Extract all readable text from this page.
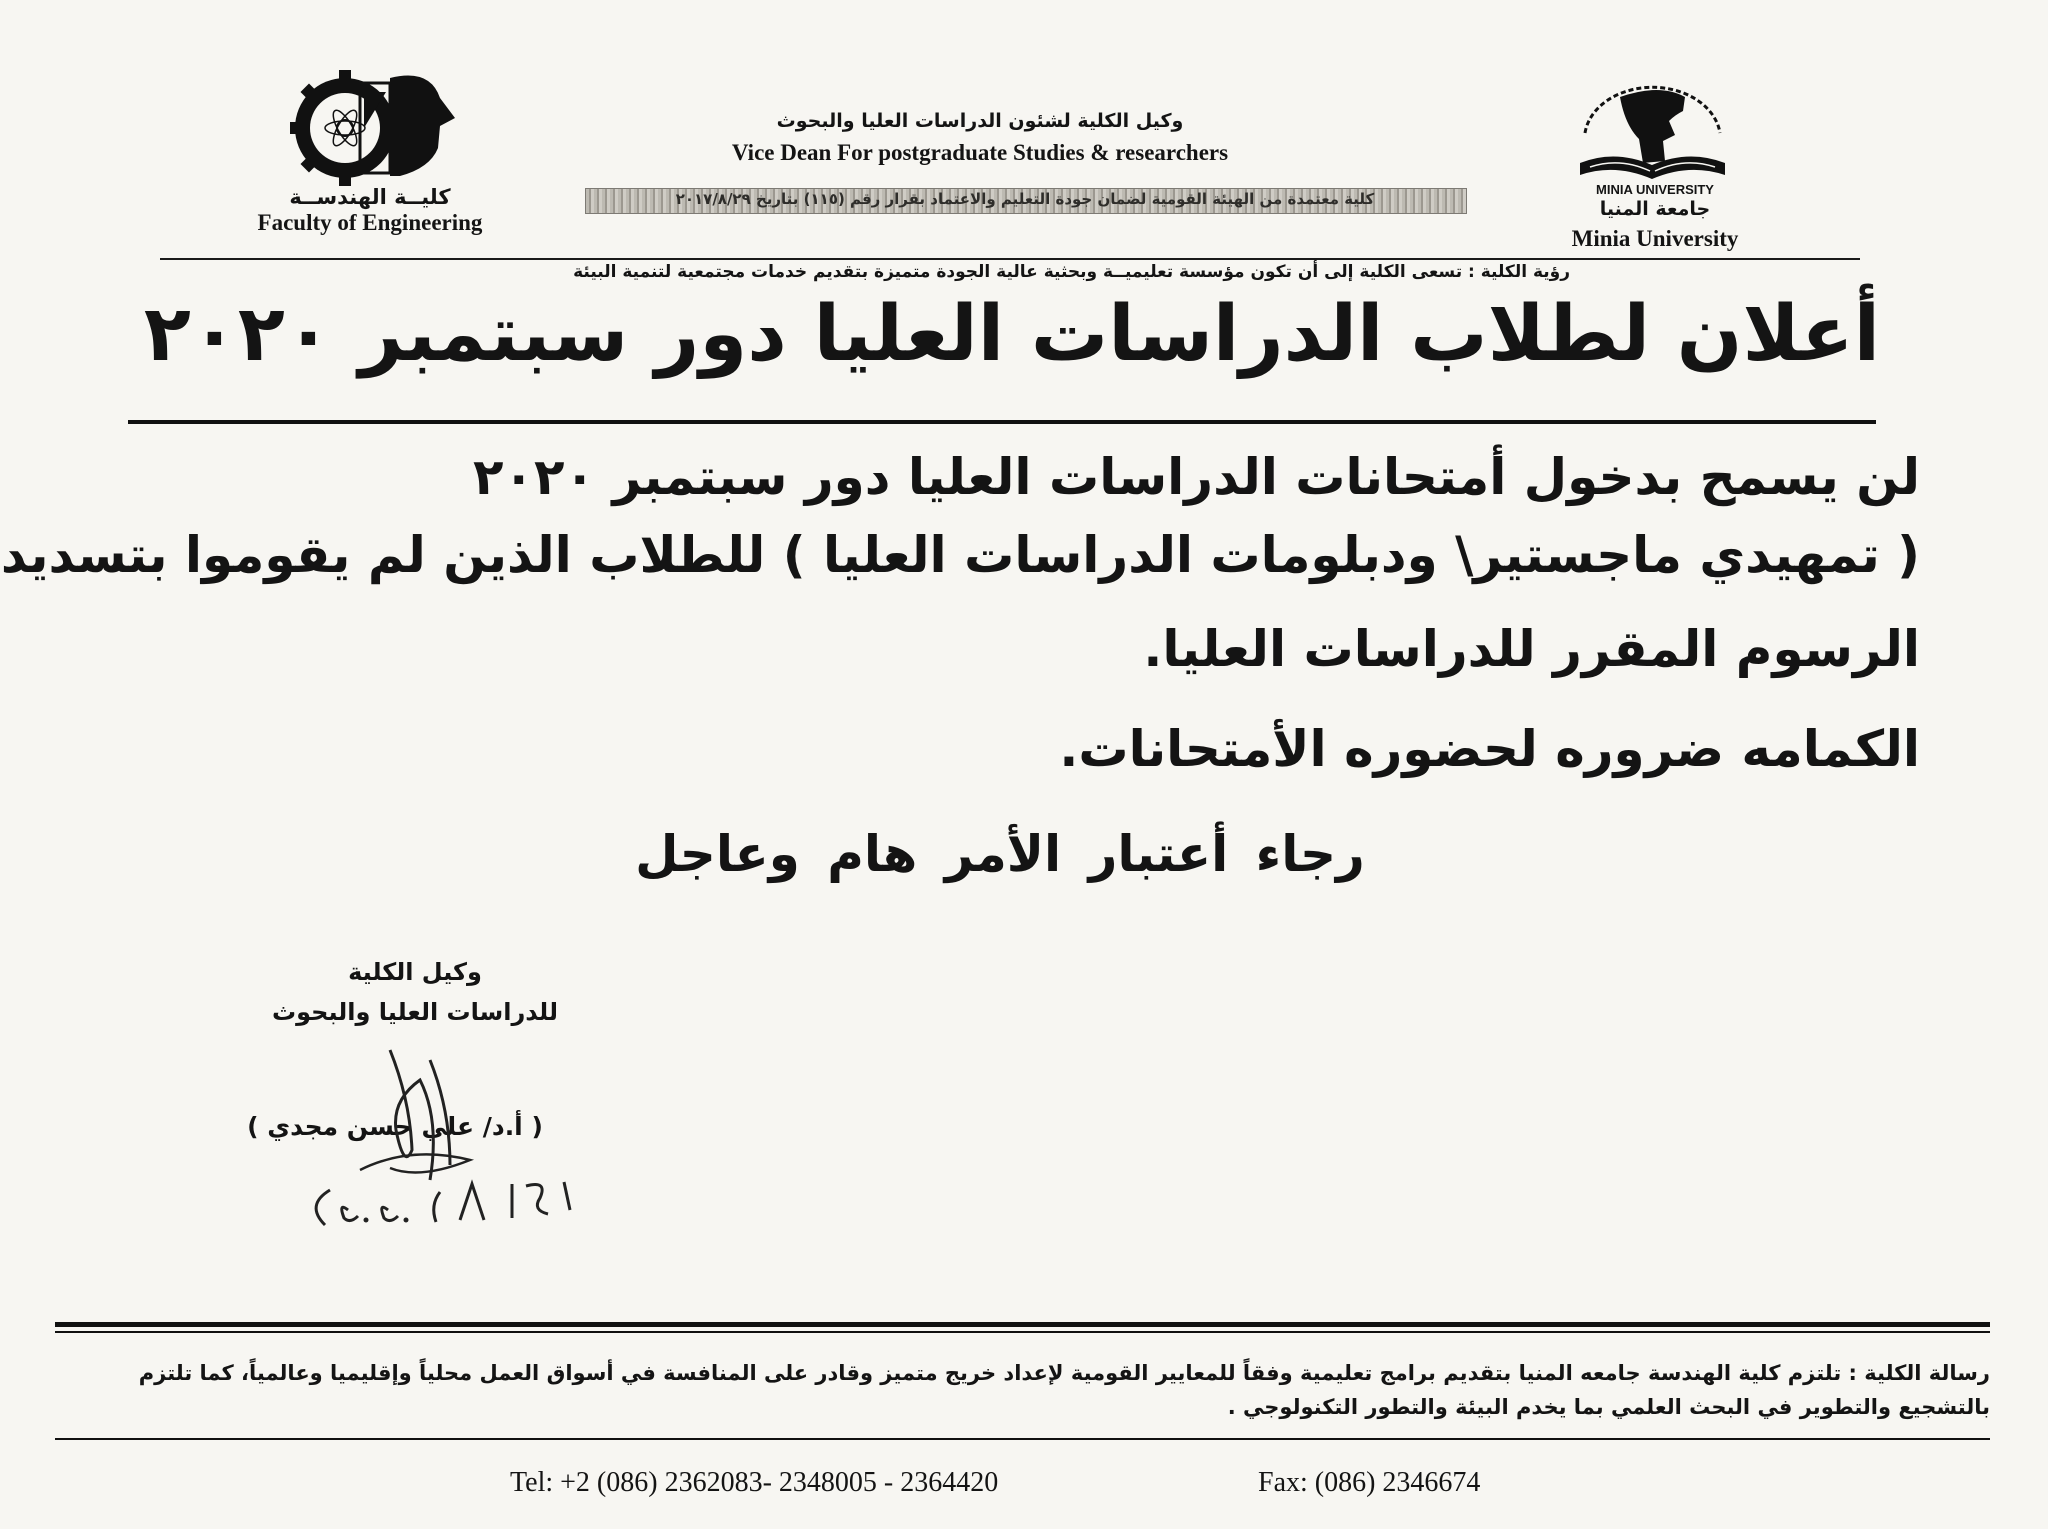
كليــة الهندســة
Faculty of Engineering
وكيل الكلية لشئون الدراسات العليا والبحوث
Vice Dean For postgraduate Studies & researchers
كلية معتمدة من الهيئة القومية لضمان جودة التعليم والاعتماد بقرار رقم (١١٥) بتاريخ ٢٠١٧/٨/٢٩
MINIA UNIVERSITY
جامعة المنيا
Minia University
رؤية الكلية : تسعى الكلية إلى أن تكون مؤسسة تعليميــة وبحثية عالية الجودة متميزة بتقديم خدمات مجتمعية لتنمية البيئة
أعلان لطلاب الدراسات العليا دور سبتمبر ٢٠٢٠
لن يسمح بدخول أمتحانات الدراسات العليا دور سبتمبر ٢٠٢٠
( تمهيدي ماجستير\ ودبلومات الدراسات العليا ) للطلاب الذين لم يقوموا بتسديد
الرسوم المقرر للدراسات العليا.
الكمامه ضروره لحضوره الأمتحانات.
رجاء أعتبار الأمر هام وعاجل
وكيل الكلية
للدراسات العليا والبحوث
( أ.د/ علي حسن مجدي )
رسالة الكلية : تلتزم كلية الهندسة جامعه المنيا بتقديم برامج تعليمية وفقاً للمعايير القومية لإعداد خريج متميز وقادر على المنافسة في أسواق العمل محلياً وإقليميا وعالمياً، كما تلتزم بالتشجيع والتطوير في البحث العلمي بما يخدم البيئة والتطور التكنولوجي .
Tel: +2 (086) 2362083- 2348005 - 2364420	Fax: (086) 2346674
